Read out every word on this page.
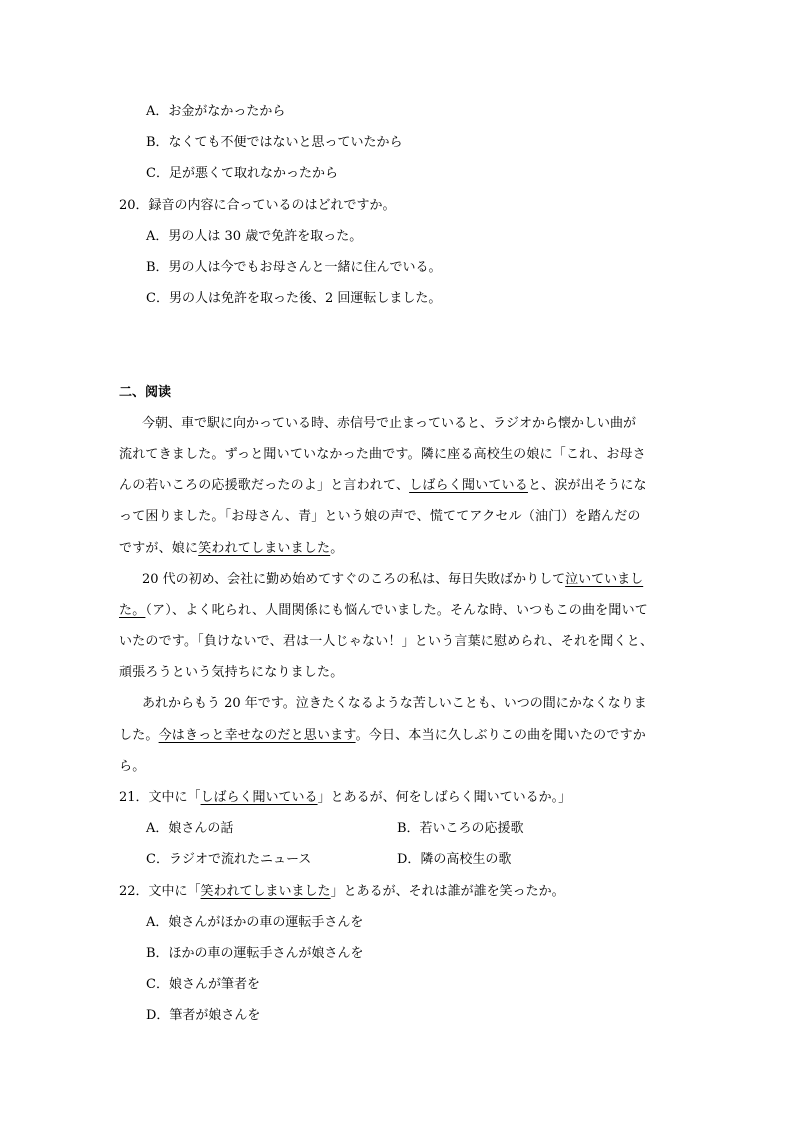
A．お金がなかったから
B．なくても不便ではないと思っていたから
C．足が悪くて取れなかったから
20．録音の内容に合っているのはどれですか。
A．男の人は 30 歳で免許を取った。
B．男の人は今でもお母さんと一緒に住んでいる。
C．男の人は免許を取った後、2 回運転しました。
二、阅读
今朝、車で駅に向かっている時、赤信号で止まっていると、ラジオから懐かしい曲が
流れてきました。ずっと聞いていなかった曲です。隣に座る高校生の娘に「これ、お母さ
んの若いころの応援歌だったのよ」と言われて、しばらく聞いていると、涙が出そうにな
って困りました。「お母さん、青」という娘の声で、慌ててアクセル（油门）を踏んだの
ですが、娘に笑われてしまいました。
20 代の初め、会社に勤め始めてすぐのころの私は、毎日失敗ばかりして泣いていまし
た。（ア）、よく叱られ、人間関係にも悩んでいました。そんな時、いつもこの曲を聞いて
いたのです。「負けないで、君は一人じゃない！」という言葉に慰められ、それを聞くと、
頑張ろうという気持ちになりました。
あれからもう 20 年です。泣きたくなるような苦しいことも、いつの間にかなくなりま
した。今はきっと幸せなのだと思います。今日、本当に久しぶりこの曲を聞いたのですか
ら。
21．文中に「しばらく聞いている」とあるが、何をしばらく聞いているか。」
A．娘さんの話	B．若いころの応援歌
C．ラジオで流れたニュース	D．隣の高校生の歌
22．文中に「笑われてしまいました」とあるが、それは誰が誰を笑ったか。
A．娘さんがほかの車の運転手さんを
B．ほかの車の運転手さんが娘さんを
C．娘さんが筆者を
D．筆者が娘さんを
